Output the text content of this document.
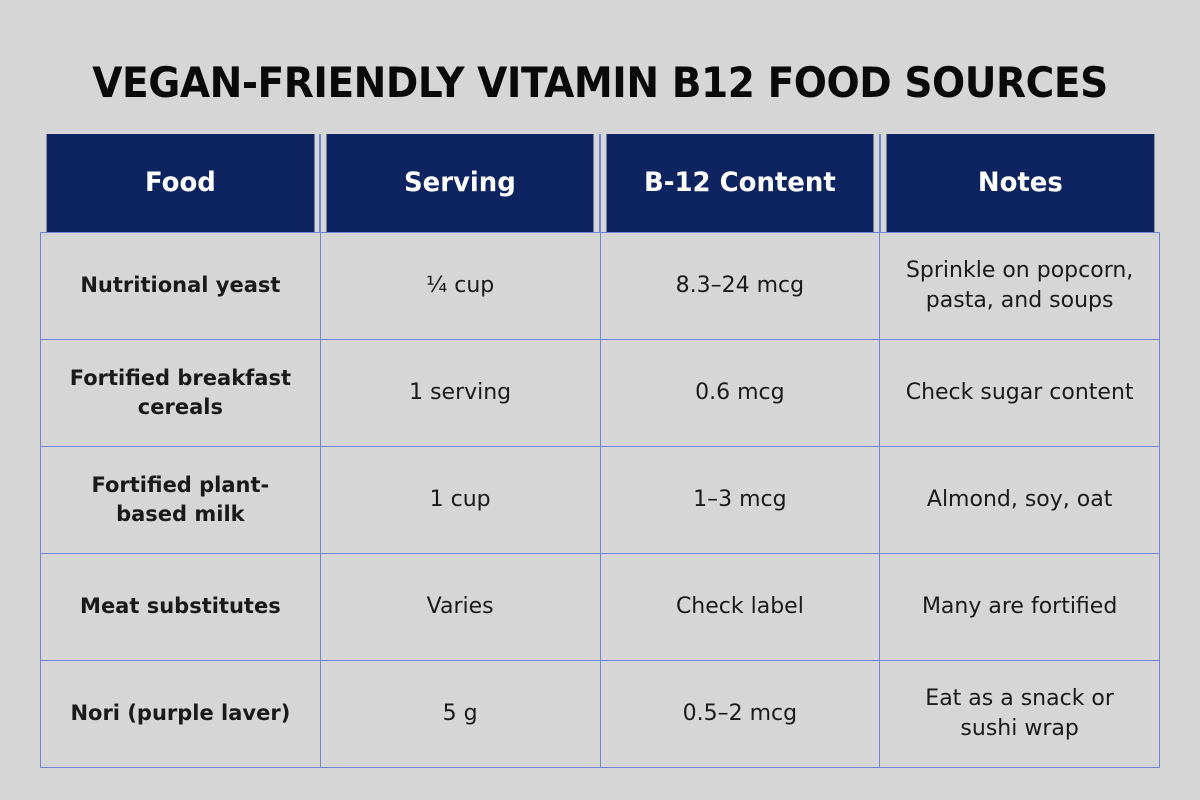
VEGAN-FRIENDLY VITAMIN B12 FOOD SOURCES
Food	Serving	B-12 Content	Notes
Nutritional yeast	¼ cup	8.3–24 mcg	Sprinkle on popcorn, pasta, and soups
Fortified breakfast cereals	1 serving	0.6 mcg	Check sugar content
Fortified plant-based milk	1 cup	1–3 mcg	Almond, soy, oat
Meat substitutes	Varies	Check label	Many are fortified
Nori (purple laver)	5 g	0.5–2 mcg	Eat as a snack or sushi wrap
